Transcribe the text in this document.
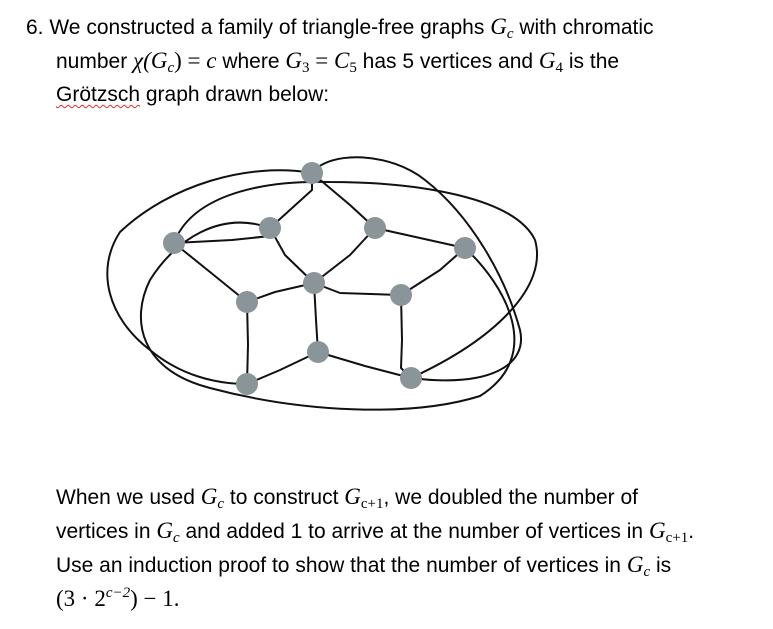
6. We constructed a family of triangle-free graphs $G_c$ with chromatic
number $\chi(G_c) = c$ where $G_3 = C_5$ has 5 vertices and $G_4$ is the
Grötzsch graph drawn below:
When we used $G_c$ to construct $G_{c+1}$, we doubled the number of
vertices in $G_c$ and added 1 to arrive at the number of vertices in $G_{c+1}$.
Use an induction proof to show that the number of vertices in $G_c$ is
$(3 \cdot 2^{c-2}) - 1$.
